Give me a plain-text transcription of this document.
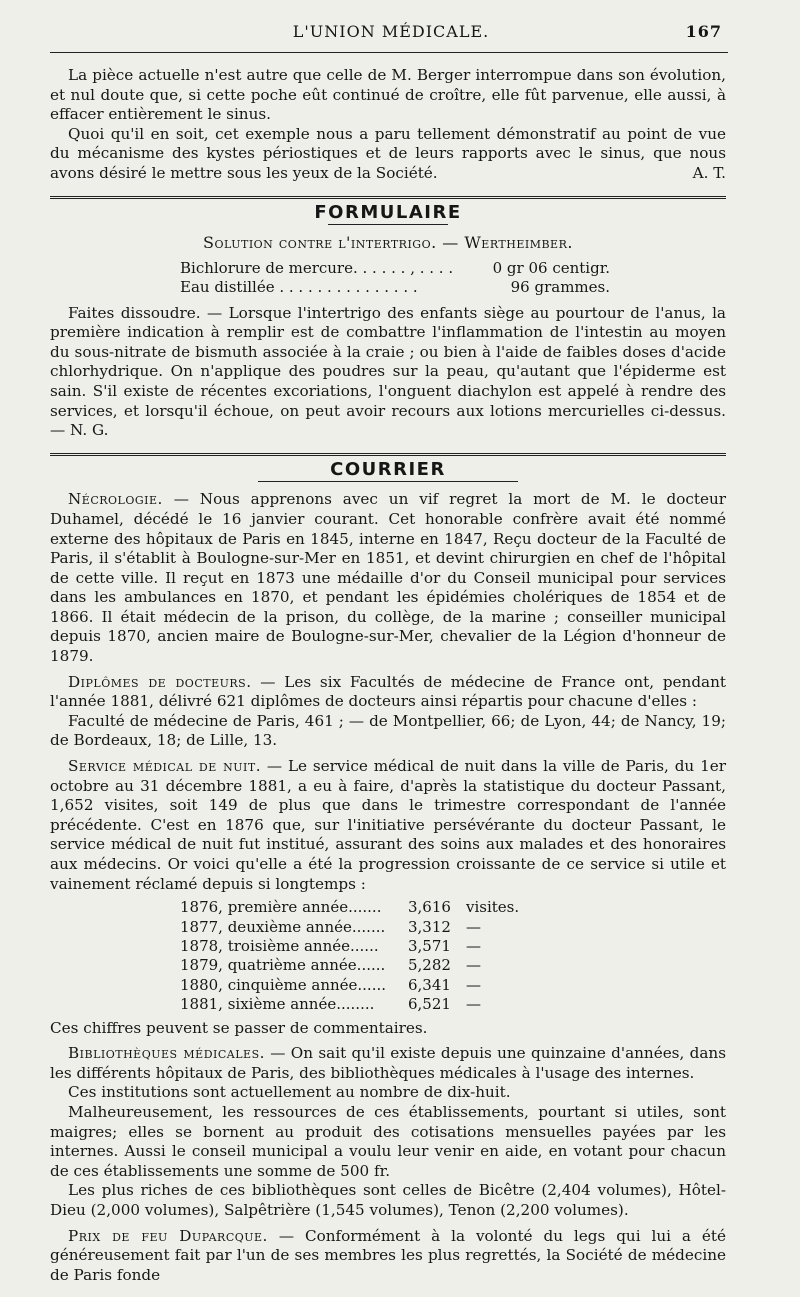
L'UNION MÉDICALE.	167

La pièce actuelle n'est autre que celle de M. Berger interrompue dans son évolution, et nul doute que, si cette poche eût continué de croître, elle fût parvenue, elle aussi, à effacer entièrement le sinus.

Quoi qu'il en soit, cet exemple nous a paru tellement démonstratif au point de vue du mécanisme des kystes périostiques et de leurs rapports avec le sinus, que nous avons désiré le mettre sous les yeux de la Société.	A. T.

FORMULAIRE
Solution contre l'intertrigo. — Wertheimber.
Bichlorure de mercure. . . . . . , . . . .	0 gr 06 centigr.
Eau distillée . . . . . . . . . . . . . . .	96 grammes.

Faites dissoudre. — Lorsque l'intertrigo des enfants siège au pourtour de l'anus, la première indication à remplir est de combattre l'inflammation de l'intestin au moyen du sous-nitrate de bismuth associée à la craie ; ou bien à l'aide de faibles doses d'acide chlorhydrique. On n'applique des poudres sur la peau, qu'autant que l'épiderme est sain. S'il existe de récentes excoriations, l'onguent diachylon est appelé à rendre des services, et lorsqu'il échoue, on peut avoir recours aux lotions mercurielles ci-dessus. — N. G.

COURRIER

Nécrologie. — Nous apprenons avec un vif regret la mort de M. le docteur Duhamel, décédé le 16 janvier courant. Cet honorable confrère avait été nommé externe des hôpitaux de Paris en 1845, interne en 1847, Reçu docteur de la Faculté de Paris, il s'établit à Boulogne-sur-Mer en 1851, et devint chirurgien en chef de l'hôpital de cette ville. Il reçut en 1873 une médaille d'or du Conseil municipal pour services dans les ambulances en 1870, et pendant les épidémies cholériques de 1854 et de 1866. Il était médecin de la prison, du collège, de la marine ; conseiller municipal depuis 1870, ancien maire de Boulogne-sur-Mer, chevalier de la Légion d'honneur de 1879.

Diplômes de docteurs. — Les six Facultés de médecine de France ont, pendant l'année 1881, délivré 621 diplômes de docteurs ainsi répartis pour chacune d'elles :

Faculté de médecine de Paris, 461 ; — de Montpellier, 66; de Lyon, 44; de Nancy, 19; de Bordeaux, 18; de Lille, 13.

Service médical de nuit. — Le service médical de nuit dans la ville de Paris, du 1er octobre au 31 décembre 1881, a eu à faire, d'après la statistique du docteur Passant, 1,652 visites, soit 149 de plus que dans le trimestre correspondant de l'année précédente. C'est en 1876 que, sur l'initiative persévérante du docteur Passant, le service médical de nuit fut institué, assurant des soins aux malades et des honoraires aux médecins. Or voici qu'elle a été la progression croissante de ce service si utile et vainement réclamé depuis si longtemps :

1876, première année.......	3,616	visites.
1877, deuxième année.......	3,312	—
1878, troisième année......	3,571	—
1879, quatrième année......	5,282	—
1880, cinquième année......	6,341	—
1881, sixième année........	6,521	—

Ces chiffres peuvent se passer de commentaires.

Bibliothèques médicales. — On sait qu'il existe depuis une quinzaine d'années, dans les différents hôpitaux de Paris, des bibliothèques médicales à l'usage des internes.

Ces institutions sont actuellement au nombre de dix-huit.

Malheureusement, les ressources de ces établissements, pourtant si utiles, sont maigres; elles se bornent au produit des cotisations mensuelles payées par les internes. Aussi le conseil municipal a voulu leur venir en aide, en votant pour chacun de ces établissements une somme de 500 fr.

Les plus riches de ces bibliothèques sont celles de Bicêtre (2,404 volumes), Hôtel-Dieu (2,000 volumes), Salpêtrière (1,545 volumes), Tenon (2,200 volumes).

Prix de feu Duparcque. — Conformément à la volonté du legs qui lui a été généreusement fait par l'un de ses membres les plus regrettés, la Société de médecine de Paris fonde
